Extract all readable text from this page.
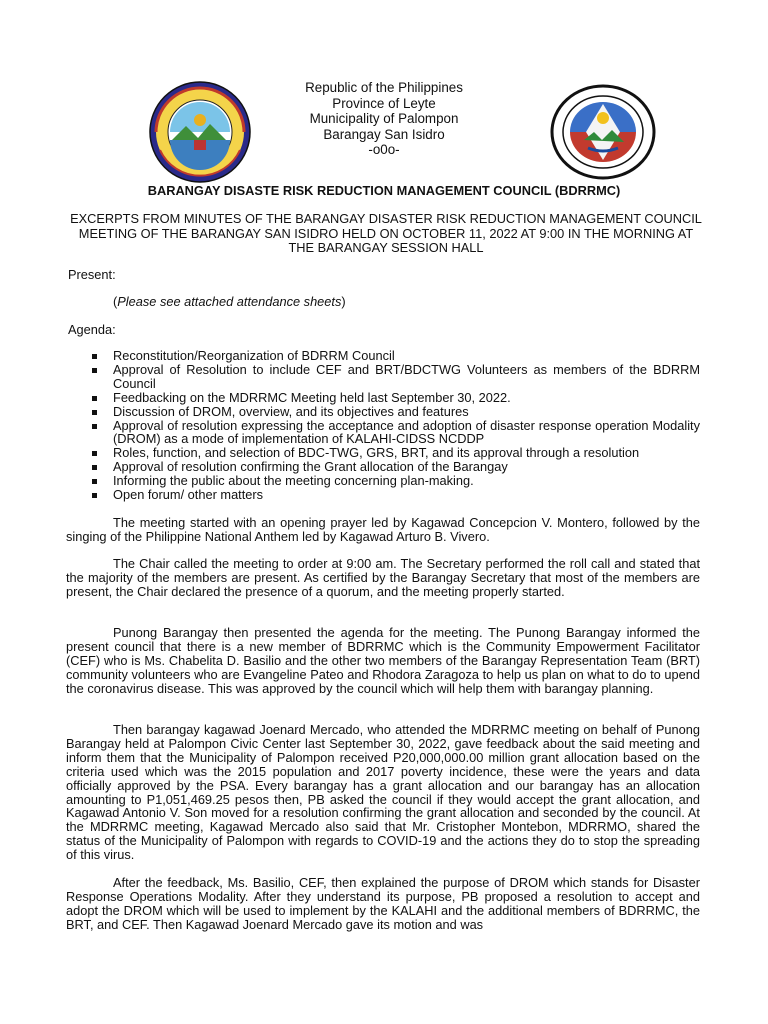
Republic of the Philippines
Province of Leyte
Municipality of Palompon
Barangay San Isidro
-o0o-
BARANGAY DISASTE RISK REDUCTION MANAGEMENT COUNCIL (BDRRMC)
EXCERPTS FROM MINUTES OF THE BARANGAY DISASTER RISK REDUCTION MANAGEMENT COUNCIL MEETING OF THE BARANGAY SAN ISIDRO HELD ON OCTOBER 11, 2022 AT 9:00 IN THE MORNING AT THE BARANGAY SESSION HALL
Present:
(Please see attached attendance sheets)
Agenda:
Reconstitution/Reorganization of BDRRM Council
Approval of Resolution to include CEF and BRT/BDCTWG Volunteers as members of the BDRRM Council
Feedbacking on the MDRRMC Meeting held last September 30, 2022.
Discussion of DROM, overview, and its objectives and features
Approval of resolution expressing the acceptance and adoption of disaster response operation Modality (DROM) as a mode of implementation of KALAHI-CIDSS NCDDP
Roles, function, and selection of BDC-TWG, GRS, BRT, and its approval through a resolution
Approval of resolution confirming the Grant allocation of the Barangay
Informing the public about the meeting concerning plan-making.
Open forum/ other matters

The meeting started with an opening prayer led by Kagawad Concepcion V. Montero, followed by the singing of the Philippine National Anthem led by Kagawad Arturo B. Vivero.

The Chair called the meeting to order at 9:00 am. The Secretary performed the roll call and stated that the majority of the members are present. As certified by the Barangay Secretary that most of the members are present, the Chair declared the presence of a quorum, and the meeting properly started.

Punong Barangay then presented the agenda for the meeting. The Punong Barangay informed the present council that there is a new member of BDRRMC which is the Community Empowerment Facilitator (CEF) who is Ms. Chabelita D. Basilio and the other two members of the Barangay Representation Team (BRT) community volunteers who are Evangeline Pateo and Rhodora Zaragoza to help us plan on what to do to upend the coronavirus disease. This was approved by the council which will help them with barangay planning.

Then barangay kagawad Joenard Mercado, who attended the MDRRMC meeting on behalf of Punong Barangay held at Palompon Civic Center last September 30, 2022, gave feedback about the said meeting and inform them that the Municipality of Palompon received P20,000,000.00 million grant allocation based on the criteria used which was the 2015 population and 2017 poverty incidence, these were the years and data officially approved by the PSA. Every barangay has a grant allocation and our barangay has an allocation amounting to P1,051,469.25 pesos then, PB asked the council if they would accept the grant allocation, and Kagawad Antonio V. Son moved for a resolution confirming the grant allocation and seconded by the council. At the MDRRMC meeting, Kagawad Mercado also said that Mr. Cristopher Montebon, MDRRMO, shared the status of the Municipality of Palompon with regards to COVID-19 and the actions they do to stop the spreading of this virus.

After the feedback, Ms. Basilio, CEF, then explained the purpose of DROM which stands for Disaster Response Operations Modality. After they understand its purpose, PB proposed a resolution to accept and adopt the DROM which will be used to implement by the KALAHI and the additional members of BDRRMC, the BRT, and CEF. Then Kagawad Joenard Mercado gave its motion and was
